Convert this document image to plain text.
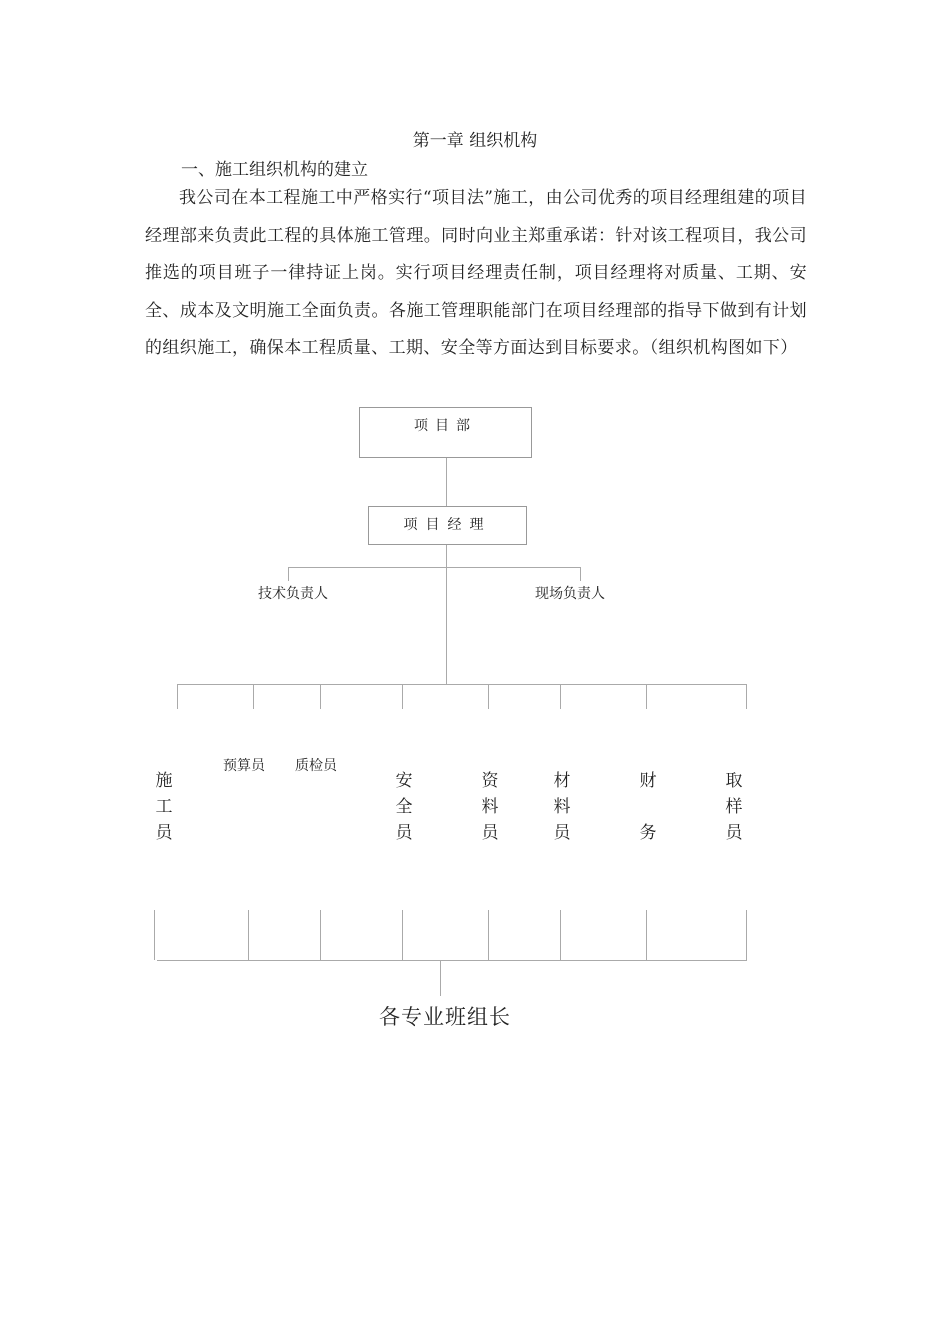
第一章 组织机构
一、施工组织机构的建立

我公司在本工程施工中严格实行“项目法”施工，由公司优秀的项目经理组建的项目经理部来负责此工程的具体施工管理。同时向业主郑重承诺：针对该工程项目，我公司推选的项目班子一律持证上岗。实行项目经理责任制，项目经理将对质量、工期、安全、成本及文明施工全面负责。各施工管理职能部门在项目经理部的指导下做到有计划的组织施工，确保本工程质量、工期、安全等方面达到目标要求。（组织机构图如下）

项目部
项目经理
技术负责人	现场负责人
预算员 质检员
施
工
员
安
全
员
资
料
员
材
料
员
财
务
取
样
员
各专业班组长
